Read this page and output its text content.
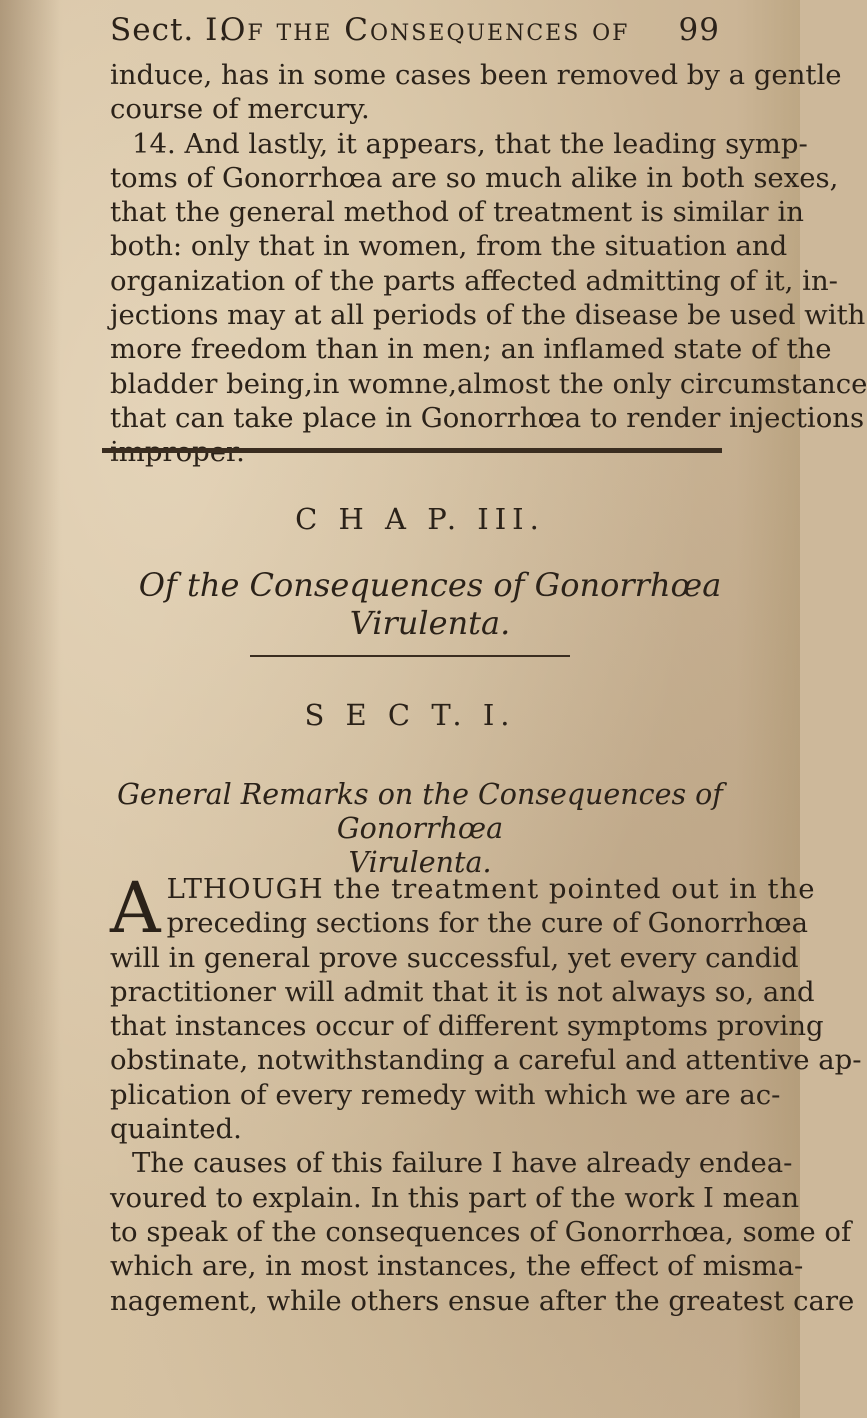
Sect. I.
Of the Consequences of 99
induce, has in some cases been removed by a gentle
course of mercury.
14. And lastly, it appears, that the leading symp-
toms of Gonorrhœa are so much alike in both sexes,
that the general method of treatment is similar in
both: only that in women, from the situation and
organization of the parts affected admitting of it, in-
jections may at all periods of the disease be used with
more freedom than in men; an inflamed state of the
bladder being,in womne,almost the only circumstance
that can take place in Gonorrhœa to render injections
C H A P. III.
Of the Consequences of Gonorrhœa Virulenta.
S E C T. I.
General Remarks on the Consequences of Gonorrhœa
Virulenta.
A LTHOUGH the treatment pointed out in the
preceding sections for the cure of Gonorrhœa
will in general prove successful, yet every candid
practitioner will admit that it is not always so, and
that instances occur of different symptoms proving
obstinate, notwithstanding a careful and attentive ap-
plication of every remedy with which we are ac-
quainted.
The causes of this failure I have already endea-
voured to explain. In this part of the work I mean
to speak of the consequences of Gonorrhœa, some of
which are, in most instances, the effect of misma-
nagement, while others ensue after the greatest care
